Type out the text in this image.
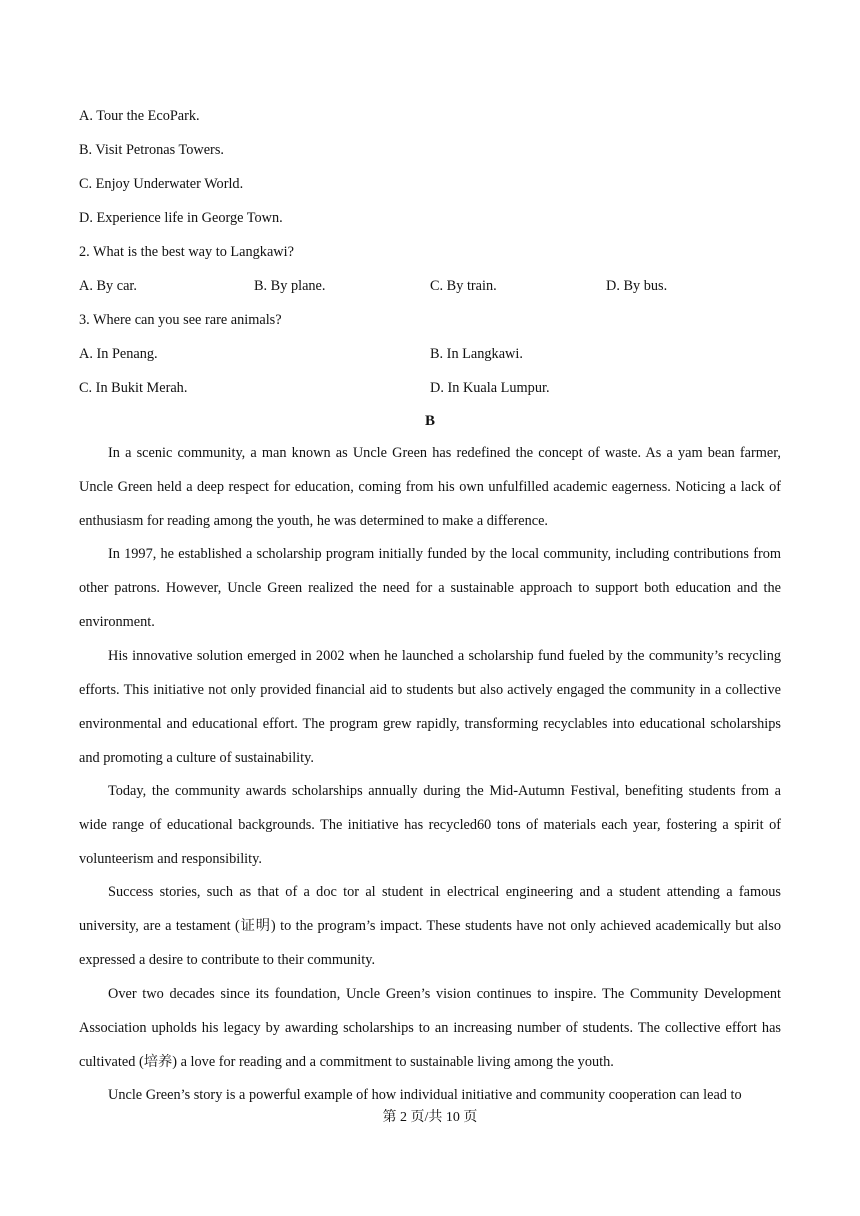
A. Tour the EcoPark.
B. Visit Petronas Towers.
C. Enjoy Underwater World.
D. Experience life in George Town.
2. What is the best way to Langkawi?
A. By car.	B. By plane.	C. By train.	D. By bus.
3. Where can you see rare animals?
A. In Penang.	B. In Langkawi.
C. In Bukit Merah.	D. In Kuala Lumpur.
B

In a scenic community, a man known as Uncle Green has redefined the concept of waste. As a yam bean farmer, Uncle Green held a deep respect for education, coming from his own unfulfilled academic eagerness. Noticing a lack of enthusiasm for reading among the youth, he was determined to make a difference.

In 1997, he established a scholarship program initially funded by the local community, including contributions from other patrons. However, Uncle Green realized the need for a sustainable approach to support both education and the environment.

His innovative solution emerged in 2002 when he launched a scholarship fund fueled by the community’s recycling efforts. This initiative not only provided financial aid to students but also actively engaged the community in a collective environmental and educational effort. The program grew rapidly, transforming recyclables into educational scholarships and promoting a culture of sustainability.

Today, the community awards scholarships annually during the Mid-Autumn Festival, benefiting students from a wide range of educational backgrounds. The initiative has recycled60 tons of materials each year, fostering a spirit of volunteerism and responsibility.

Success stories, such as that of a doc tor al student in electrical engineering and a student attending a famous university, are a testament (证明) to the program’s impact. These students have not only achieved academically but also expressed a desire to contribute to their community.

Over two decades since its foundation, Uncle Green’s vision continues to inspire. The Community Development Association upholds his legacy by awarding scholarships to an increasing number of students. The collective effort has cultivated (培养) a love for reading and a commitment to sustainable living among the youth.

Uncle Green’s story is a powerful example of how individual initiative and community cooperation can lead to

第 2 页/共 10 页
